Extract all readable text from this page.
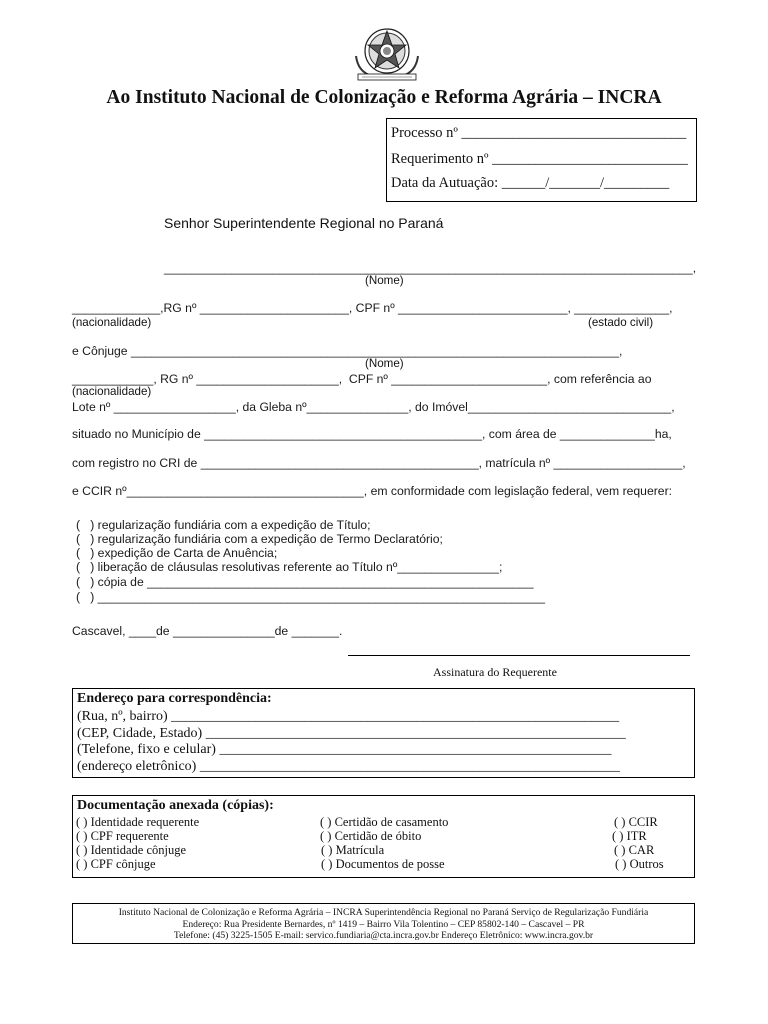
Ao Instituto Nacional de Colonização e Reforma Agrária – INCRA
Processo nº _______________________________
Requerimento nº ___________________________
Data da Autuação: ______/_______/_________
Senhor Superintendente Regional no Paraná
______________________________________________________________________________,
(Nome)
_____________,RG nº ______________________, CPF nº _________________________, ______________,
(nacionalidade)	(estado civil)
e Cônjuge ________________________________________________________________________,
(Nome)
____________, RG nº _____________________,  CPF nº _______________________, com referência ao
(nacionalidade)
Lote nº __________________, da Gleba nº_______________, do Imóvel______________________________,
situado no Município de _________________________________________, com área de ______________ha,
com registro no CRI de _________________________________________, matrícula nº ___________________,
e CCIR nº___________________________________, em conformidade com legislação federal, vem requerer:
(   ) regularização fundiária com a expedição de Título;
(   ) regularização fundiária com a expedição de Termo Declaratório;
(   ) expedição de Carta de Anuência;
(   ) liberação de cláusulas resolutivas referente ao Título nº_______________;
(   ) cópia de _________________________________________________________
(   ) __________________________________________________________________
Cascavel, ____de _______________de _______.
Assinatura do Requerente
Endereço para correspondência:
(Rua, nº, bairro) ________________________________________________________________
(CEP, Cidade, Estado) ____________________________________________________________
(Telefone, fixo e celular) ________________________________________________________
(endereço eletrônico) ____________________________________________________________
Documentação anexada (cópias):
( ) Identidade requerente
( ) CPF requerente
( ) Identidade cônjuge
( ) CPF cônjuge
( ) Certidão de casamento
( ) Certidão de óbito
( ) Matrícula
( ) Documentos de posse
( ) CCIR
( ) ITR
( ) CAR
( ) Outros
Instituto Nacional de Colonização e Reforma Agrária – INCRA Superintendência Regional no Paraná Serviço de Regularização Fundiária
Endereço: Rua Presidente Bernardes, nº 1419 – Bairro Vila Tolentino – CEP 85802-140 – Cascavel – PR
Telefone: (45) 3225-1505 E-mail: servico.fundiaria@cta.incra.gov.br Endereço Eletrônico: www.incra.gov.br
